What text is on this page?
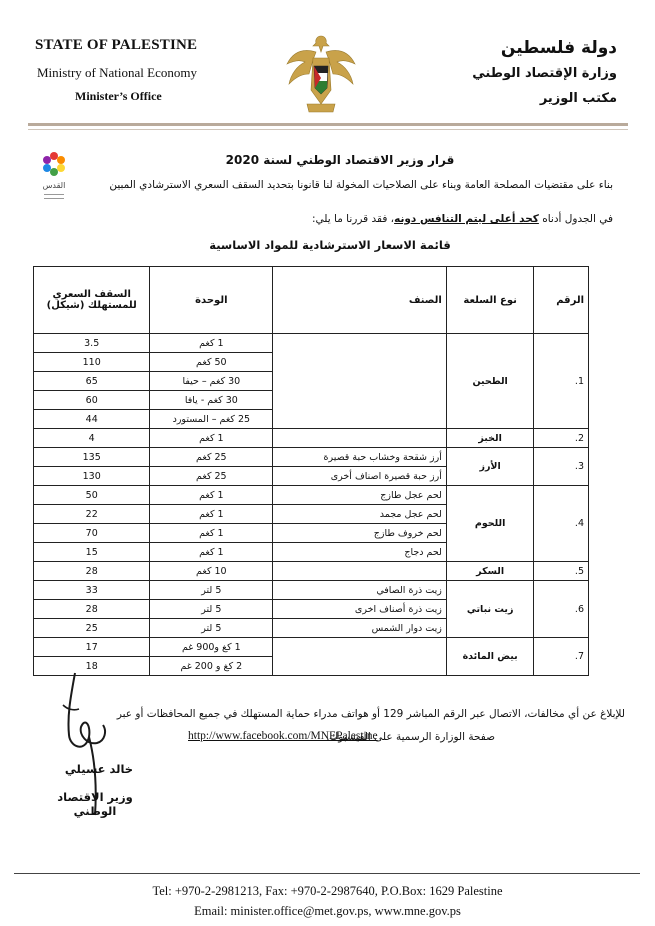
STATE OF PALESTINE
Ministry of National Economy
Minister’s Office
دولة فلسطين
وزارة الإقتصاد الوطني
مكتب الوزير
القدس
قرار وزير الاقتصاد الوطني لسنة 2020
بناء على مقتضيات المصلحة العامة وبناء على الصلاحيات المخولة لنا قانونا بتحديد السقف السعري الاسترشادي المبين
في الجدول أدناه كحد أعلى ليتم التنافس دونه، فقد قررنا ما يلي:
قائمة الاسعار الاسترشادية للمواد الاساسية
الرقم	نوع السلعة	الصنف	الوحدة	السقف السعري للمستهلك (شيكل)
1.	الطحين		1 كغم	3.5
			50 كغم	110
			30 كغم – حيفا	65
			30 كغم - يافا	60
			25 كغم – المستورد	44
2.	الخبز		1 كغم	4
3.	الأرز	أرز شقحة وخشاب حبة قصيرة	25 كغم	135
		أرز حبة قصيرة اصناف أخرى	25 كغم	130
4.	اللحوم	لحم عجل طازج	1 كغم	50
		لحم عجل مجمد	1 كغم	22
		لحم خروف طازج	1 كغم	70
		لحم دجاج	1 كغم	15
5.	السكر		10 كغم	28
6.	زيت نباتي	زيت ذرة الصافي	5 لتر	33
		زيت ذرة أصناف اخرى	5 لتر	28
		زيت دوار الشمس	5 لتر	25
7.	بيض المائدة		1 كغ و900 غم	17
			2 كغ و 200 غم	18
للإبلاغ عن أي مخالفات، الاتصال عبر الرقم المباشر 129 أو هواتف مدراء حماية المستهلك في جميع المحافظات أو عبر
صفحة الوزارة الرسمية على الفيسبوك.
http://www.facebook.com/MNEPalestine
خالد عسيلي
وزير الاقتصاد الوطني
Tel: +970-2-2981213, Fax: +970-2-2987640, P.O.Box: 1629 Palestine
Email: minister.office@met.gov.ps, www.mne.gov.ps
